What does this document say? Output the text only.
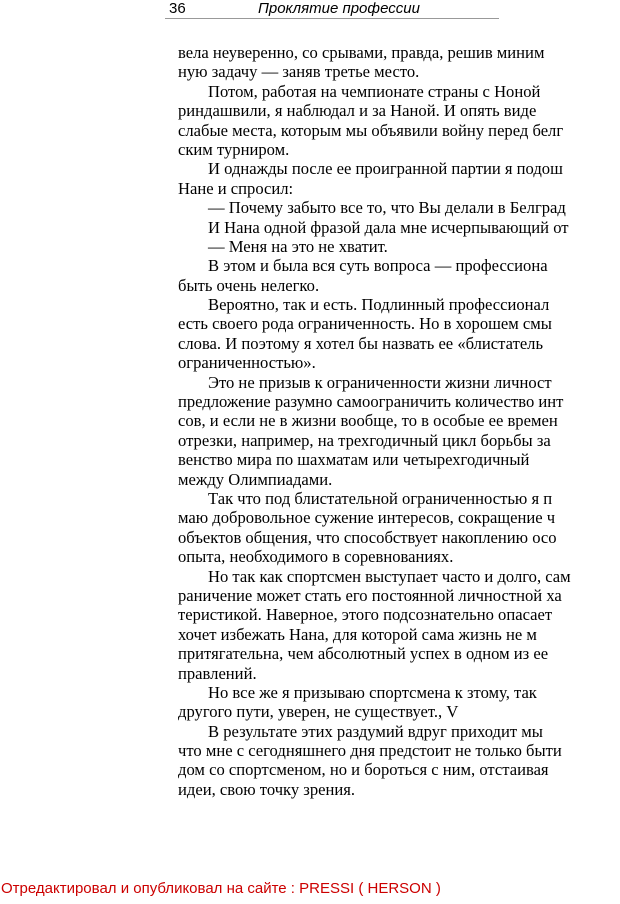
36	Проклятие профессии
вела неуверенно, со срывами, правда, решив миним
ную задачу — заняв третье место.
Потом, работая на чемпионате страны с Ноной
риндашвили, я наблюдал и за Наной. И опять виде
слабые места, которым мы объявили войну перед белг
ским турниром.
И однажды после ее проигранной партии я подош
Нане и спросил:
— Почему забыто все то, что Вы делали в Белград
И Нана одной фразой дала мне исчерпывающий от
— Меня на это не хватит.
В этом и была вся суть вопроса — профессиона
быть очень нелегко.
Вероятно, так и есть. Подлинный профессионал
есть своего рода ограниченность. Но в хорошем смы
слова. И поэтому я хотел бы назвать ее «блистатель
ограниченностью».
Это не призыв к ограниченности жизни личност
предложение разумно самоограничить количество инт
сов, и если не в жизни вообще, то в особые ее времен
отрезки, например, на трехгодичный цикл борьбы за
венство мира по шахматам или четырехгодичный
между Олимпиадами.
Так что под блистательной ограниченностью я п
маю добровольное сужение интересов, сокращение ч
объектов общения, что способствует накоплению осо
опыта, необходимого в соревнованиях.
Но так как спортсмен выступает часто и долго, сам
раничение может стать его постоянной личностной ха
теристикой. Наверное, этого подсознательно опасает
хочет избежать Нана, для которой сама жизнь не м
притягательна, чем абсолютный успех в одном из ее
правлений.
Но все же я призываю спортсмена к зтому, так
другого пути, уверен, не существует., V
В результате этих раздумий вдруг приходит мы
что мне с сегодняшнего дня предстоит не только быти
дом со спортсменом, но и бороться с ним, отстаивая
идеи, свою точку зрения.
Отредактировал и опубликовал на сайте : PRESSI ( HERSON )
